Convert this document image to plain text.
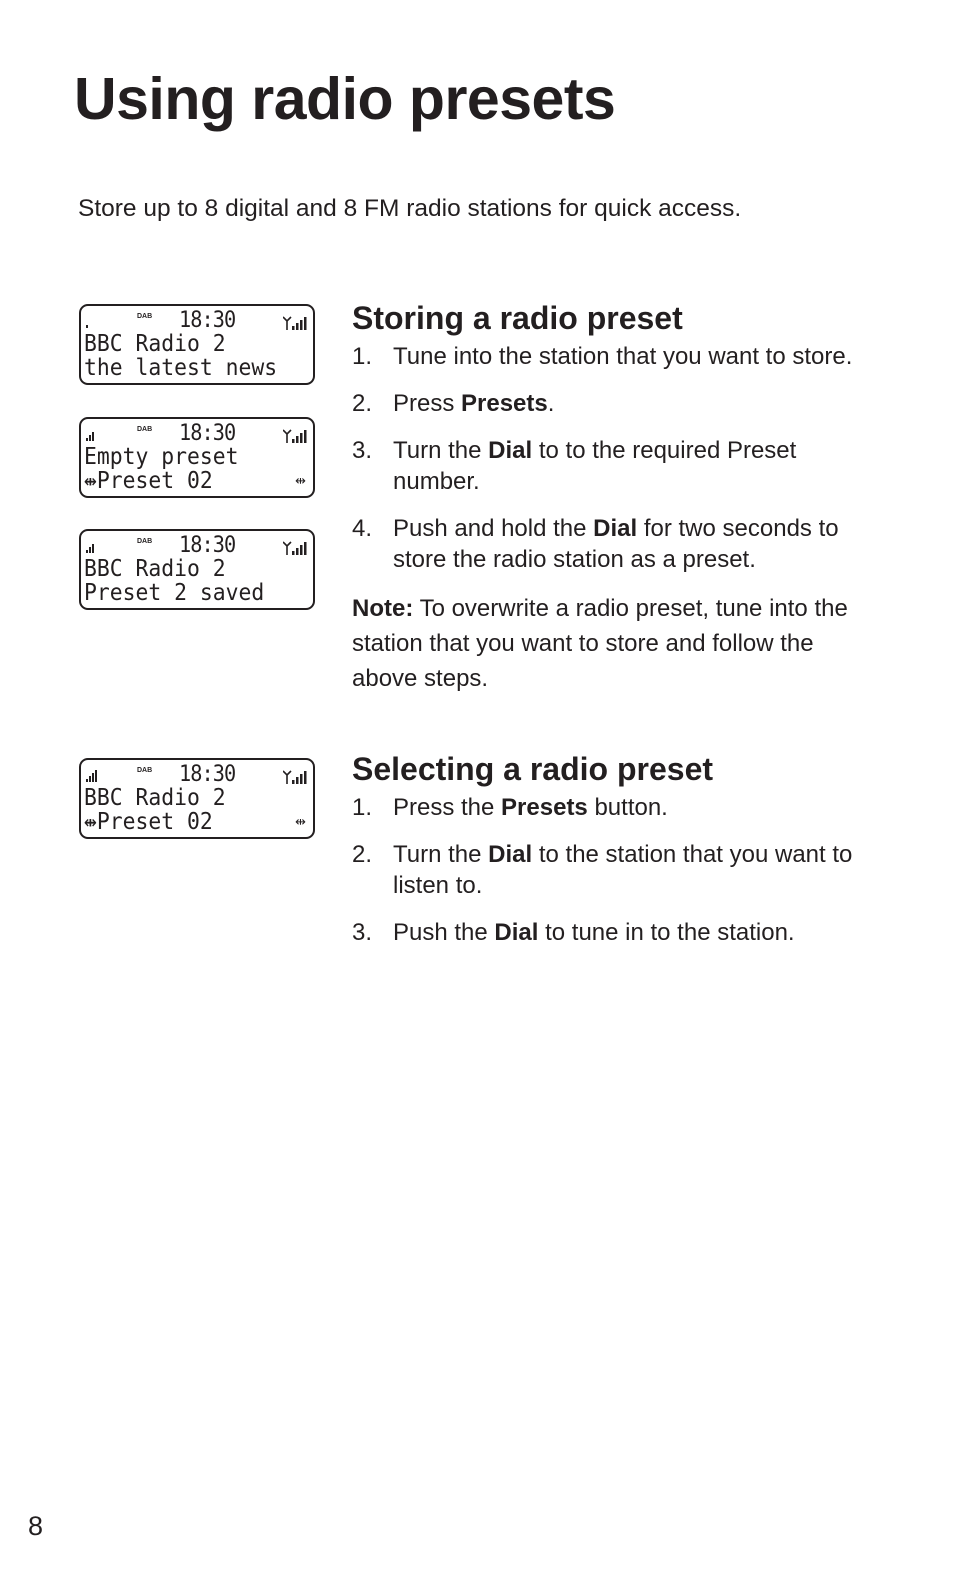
Using radio presets

Store up to 8 digital and 8 FM radio stations for quick access.

DAB 18:30
BBC Radio 2
the latest news
DAB 18:30
Empty preset
⇹Preset 02	⇹
DAB 18:30
BBC Radio 2
Preset 2 saved
DAB 18:30
BBC Radio 2
⇹Preset 02	⇹
Storing a radio preset
1. Tune into the station that you want to store.
2. Press Presets.
3. Turn the Dial to to the required Preset number.
4. Push and hold the Dial for two seconds to store the radio station as a preset.

Note: To overwrite a radio preset, tune into the station that you want to store and follow the above steps.

Selecting a radio preset
1. Press the Presets button.
2. Turn the Dial to the station that you want to listen to.
3. Push the Dial to tune in to the station.
8
